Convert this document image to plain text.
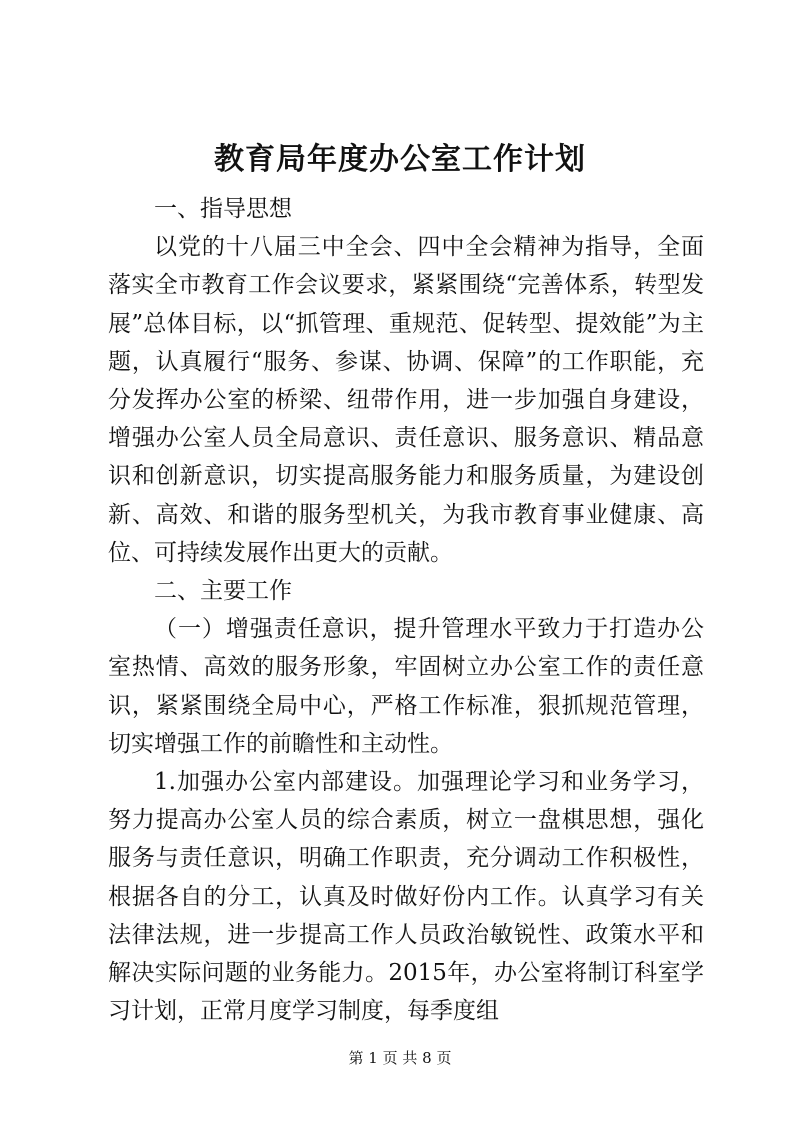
教育局年度办公室工作计划

一、指导思想

以党的十八届三中全会、四中全会精神为指导，全面落实全市教育工作会议要求，紧紧围绕“完善体系，转型发展”总体目标，以“抓管理、重规范、促转型、提效能”为主题，认真履行“服务、参谋、协调、保障”的工作职能，充分发挥办公室的桥梁、纽带作用，进一步加强自身建设，增强办公室人员全局意识、责任意识、服务意识、精品意识和创新意识，切实提高服务能力和服务质量，为建设创新、高效、和谐的服务型机关，为我市教育事业健康、高位、可持续发展作出更大的贡献。

二、主要工作

（一）增强责任意识，提升管理水平致力于打造办公室热情、高效的服务形象，牢固树立办公室工作的责任意识，紧紧围绕全局中心，严格工作标准，狠抓规范管理，切实增强工作的前瞻性和主动性。

1.加强办公室内部建设。加强理论学习和业务学习，努力提高办公室人员的综合素质，树立一盘棋思想，强化服务与责任意识，明确工作职责，充分调动工作积极性，根据各自的分工，认真及时做好份内工作。认真学习有关法律法规，进一步提高工作人员政治敏锐性、政策水平和解决实际问题的业务能力。2015年，办公室将制订科室学习计划，正常月度学习制度，每季度组

第 1 页 共 8 页
